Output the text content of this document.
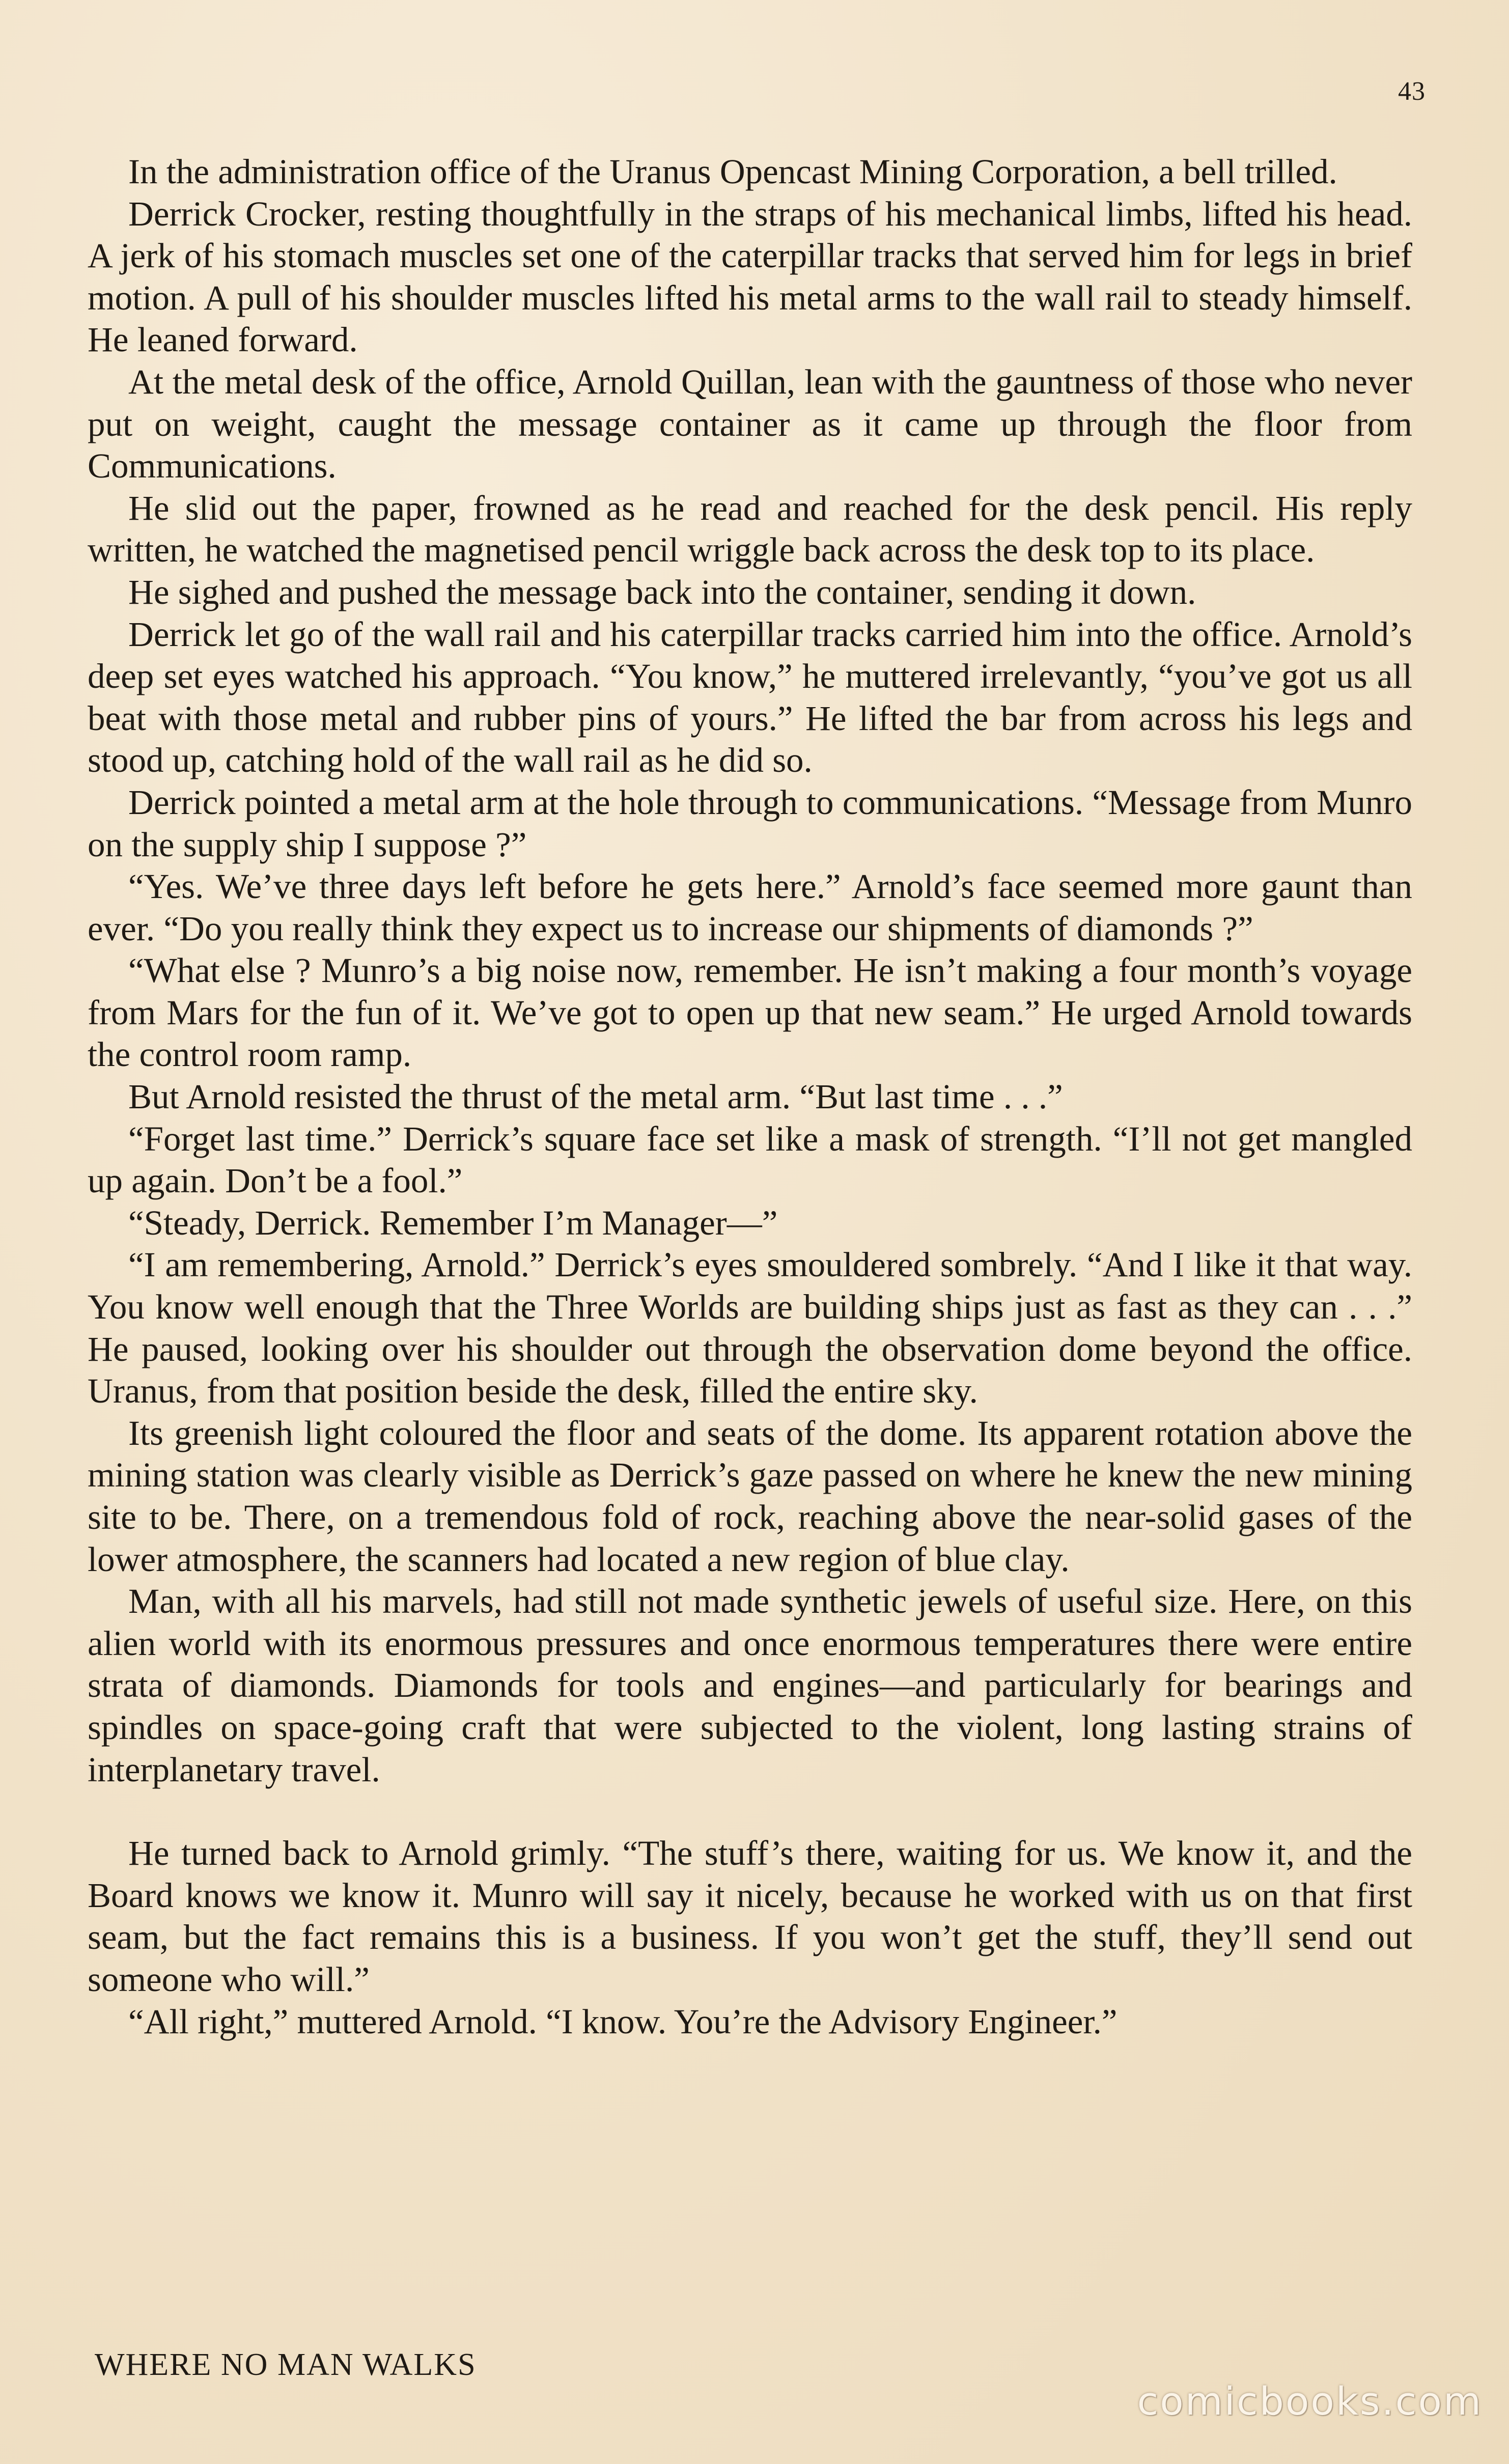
43

In the administration office of the Uranus Opencast Mining Corporation, a bell trilled.

Derrick Crocker, resting thoughtfully in the straps of his mechanical limbs, lifted his head. A jerk of his stomach muscles set one of the caterpillar tracks that served him for legs in brief motion. A pull of his shoulder muscles lifted his metal arms to the wall rail to steady himself. He leaned forward.

At the metal desk of the office, Arnold Quillan, lean with the gauntness of those who never put on weight, caught the message container as it came up through the floor from Communications.

He slid out the paper, frowned as he read and reached for the desk pencil. His reply written, he watched the magnetised pencil wriggle back across the desk top to its place.

He sighed and pushed the message back into the container, sending it down.

Derrick let go of the wall rail and his caterpillar tracks carried him into the office. Arnold’s deep set eyes watched his approach. “You know,” he muttered irrelevantly, “you’ve got us all beat with those metal and rubber pins of yours.” He lifted the bar from across his legs and stood up, catching hold of the wall rail as he did so.

Derrick pointed a metal arm at the hole through to communications. “Message from Munro on the supply ship I suppose ?”

“Yes. We’ve three days left before he gets here.” Arnold’s face seemed more gaunt than ever. “Do you really think they expect us to increase our shipments of diamonds ?”

“What else ? Munro’s a big noise now, remember. He isn’t making a four month’s voyage from Mars for the fun of it. We’ve got to open up that new seam.” He urged Arnold towards the control room ramp.

But Arnold resisted the thrust of the metal arm. “But last time . . .”

“Forget last time.” Derrick’s square face set like a mask of strength. “I’ll not get mangled up again. Don’t be a fool.”

“Steady, Derrick. Remember I’m Manager—”

“I am remembering, Arnold.” Derrick’s eyes smouldered sombrely. “And I like it that way. You know well enough that the Three Worlds are building ships just as fast as they can . . .” He paused, looking over his shoulder out through the observation dome beyond the office. Uranus, from that position beside the desk, filled the entire sky.

Its greenish light coloured the floor and seats of the dome. Its apparent rotation above the mining station was clearly visible as Derrick’s gaze passed on where he knew the new mining site to be. There, on a tremendous fold of rock, reaching above the near-solid gases of the lower atmosphere, the scanners had located a new region of blue clay.

Man, with all his marvels, had still not made synthetic jewels of useful size. Here, on this alien world with its enormous pressures and once enormous temperatures there were entire strata of diamonds. Diamonds for tools and engines—and particularly for bearings and spindles on space-going craft that were subjected to the violent, long lasting strains of interplanetary travel.

He turned back to Arnold grimly. “The stuff’s there, waiting for us. We know it, and the Board knows we know it. Munro will say it nicely, because he worked with us on that first seam, but the fact remains this is a business. If you won’t get the stuff, they’ll send out someone who will.”

“All right,” muttered Arnold. “I know. You’re the Advisory Engineer.”

WHERE NO MAN WALKS
comicbooks.com
